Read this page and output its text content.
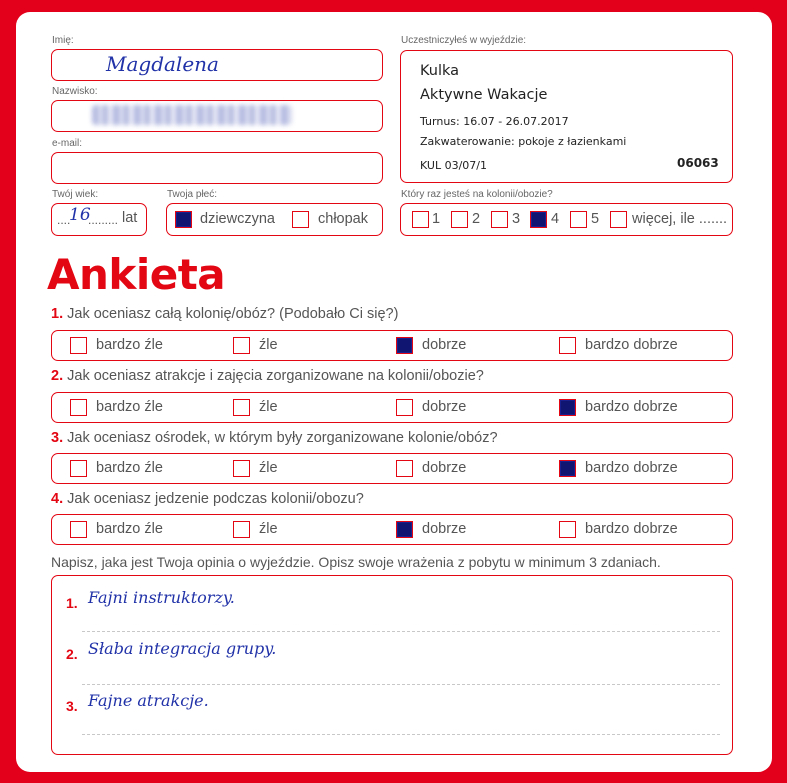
Imię:
Magdalena
Nazwisko:
e-mail:
Twój wiek:
....
16
......... lat
Twoja płeć:
dziewczyna	chłopak
Uczestniczyłeś w wyjeździe:
Kulka
Aktywne Wakacje
Turnus: 16.07 - 26.07.2017
Zakwaterowanie: pokoje z łazienkami
KUL 03/07/1	06063
Który raz jesteś na kolonii/obozie?
1 2 3 4 5 więcej, ile .......
Ankieta
1. Jak oceniasz całą kolonię/obóz? (Podobało Ci się?)
bardzo źle	źle	dobrze	bardzo dobrze
2. Jak oceniasz atrakcje i zajęcia zorganizowane na kolonii/obozie?
bardzo źle	źle	dobrze	bardzo dobrze
3. Jak oceniasz ośrodek, w którym były zorganizowane kolonie/obóz?
bardzo źle	źle	dobrze	bardzo dobrze
4. Jak oceniasz jedzenie podczas kolonii/obozu?
bardzo źle	źle	dobrze	bardzo dobrze
Napisz, jaka jest Twoja opinia o wyjeździe. Opisz swoje wrażenia z pobytu w minimum 3 zdaniach.
1. Fajni instruktorzy.
2. Słaba integracja grupy.
3. Fajne atrakcje.
